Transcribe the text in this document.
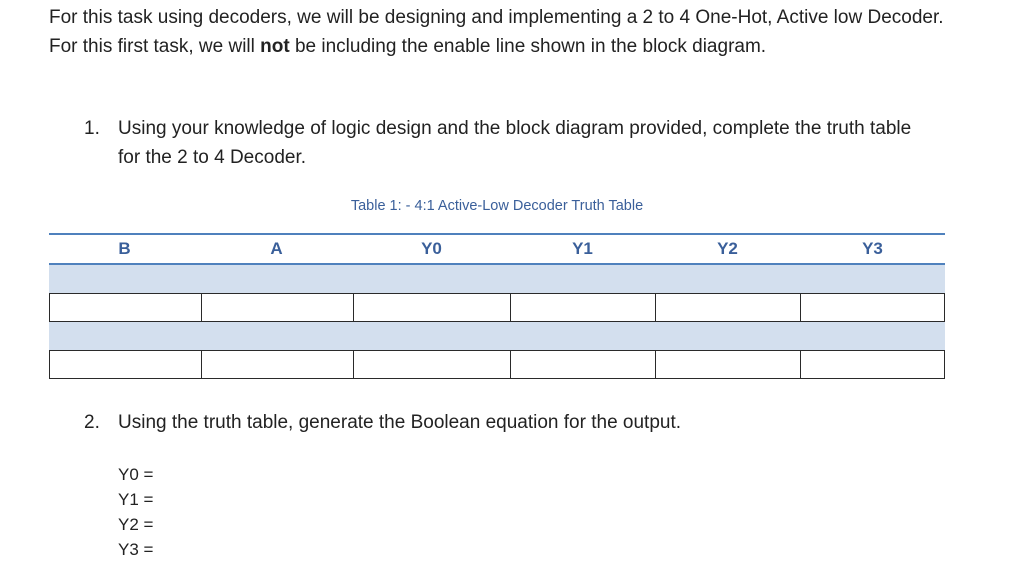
For this task using decoders, we will be designing and implementing a 2 to 4 One-Hot, Active low Decoder. For this first task, we will not be including the enable line shown in the block diagram.
1. Using your knowledge of logic design and the block diagram provided, complete the truth table for the 2 to 4 Decoder.
Table 1: - 4:1 Active-Low Decoder Truth Table
B	A	Y0	Y1	Y2	Y3
2. Using the truth table, generate the Boolean equation for the output.
Y0 =
Y1 =
Y2 =
Y3 =
